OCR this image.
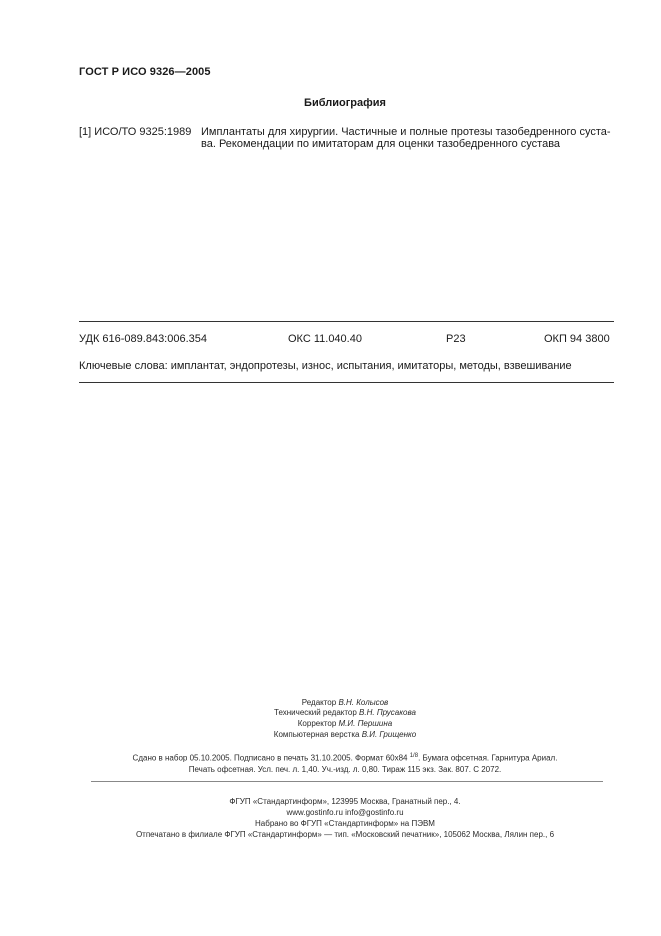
ГОСТ Р ИСО 9326—2005
Библиография
[1] ИСО/ТО 9325:1989 Имплантаты для хирургии. Частичные и полные протезы тазобедренного суста-
ва. Рекомендации по имитаторам для оценки тазобедренного сустава
УДК 616-089.843:006.354	ОКС 11.040.40	Р23	ОКП 94 3800
Ключевые слова: имплантат, эндопротезы, износ, испытания, имитаторы, методы, взвешивание
Редактор В.Н. Колысов
Технический редактор В.Н. Прусакова
Корректор М.И. Першина
Компьютерная верстка В.И. Грищенко
Сдано в набор 05.10.2005. Подписано в печать 31.10.2005. Формат 60x84 $^{1/8}$. Бумага офсетная. Гарнитура Ариал.
Печать офсетная. Усл. печ. л. 1,40. Уч.-изд. л. 0,80. Тираж 115 экз. Зак. 807. С 2072.
ФГУП «Стандартинформ», 123995 Москва, Гранатный пер., 4.
www.gostinfo.ru info@gostinfo.ru
Набрано во ФГУП «Стандартинформ» на ПЭВМ
Отпечатано в филиале ФГУП «Стандартинформ» — тип. «Московский печатник», 105062 Москва, Лялин пер., 6
